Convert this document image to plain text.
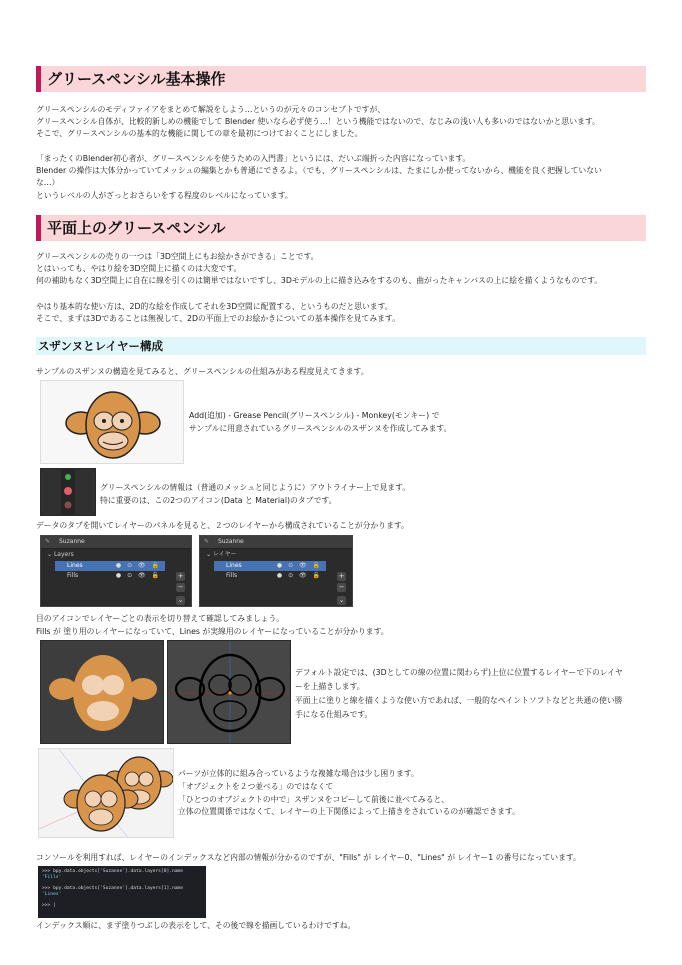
グリースペンシル基本操作
グリースペンシルのモディファイアをまとめて解説をしよう…というのが元々のコンセプトですが、
グリースペンシル自体が、比較的新しめの機能でして Blender 使いなら必ず使う…！という機能ではないので、なじみの浅い人も多いのではないかと思います。
そこで、グリースペンシルの基本的な機能に関しての章を最初につけておくことにしました。
「まったくのBlender初心者が、グリースペンシルを使うための入門書」というには、だいぶ端折った内容になっています。
Blender の操作は大体分かっていてメッシュの編集とかも普通にできるよ。（でも、グリースペンシルは、たまにしか使ってないから、機能を良く把握していない
な…）
というレベルの人がざっとおさらいをする程度のレベルになっています。
平面上のグリースペンシル
グリースペンシルの売りの一つは「3D空間上にもお絵かきができる」ことです。
とはいっても、やはり絵を3D空間上に描くのは大変です。
何の補助もなく3D空間上に自在に線を引くのは簡単ではないですし、3Dモデルの上に描き込みをするのも、曲がったキャンバスの上に絵を描くようなものです。
やはり基本的な使い方は、2D的な絵を作成してそれを3D空間に配置する、というものだと思います。
そこで、まずは3Dであることは無視して、2Dの平面上でのお絵かきについての基本操作を見てみます。
スザンヌとレイヤー構成
サンプルのスザンヌの構造を見てみると、グリースペンシルの仕組みがある程度見えてきます。
Add(追加) - Grease Pencil(グリースペンシル) - Monkey(モンキー) で
サンプルに用意されているグリースペンシルのスザンヌを作成してみます。
グリースペンシルの情報は（普通のメッシュと同じように）アウトライナー上で見ます。
特に重要のは、この2つのアイコン(Data と Material)のタブです。
データのタブを開いてレイヤーのパネルを見ると、２つのレイヤーから構成されていることが分かります。
✎ Suzanne
⌄ Layers
Lines	● ⊙ 👁 🔓
Fills	● ⊙ 👁 🔓 +
−
⌄
✎ Suzanne
⌄ レイヤー
Lines	● ⊙ 👁 🔓
Fills	● ⊙ 👁 🔓 +
−
⌄
目のアイコンでレイヤーごとの表示を切り替えて確認してみましょう。
Fills が 塗り用のレイヤーになっていて、Lines が実線用のレイヤーになっていることが分かります。
デフォルト設定では、(3Dとしての線の位置に関わらず)上位に位置するレイヤーで下のレイヤ
ーを上描きします。
平面上に塗りと線を描くような使い方であれば、一般的なペイントソフトなどと共通の使い勝
手になる仕組みです。
パーツが立体的に組み合っているような複雑な場合は少し困ります。
「オブジェクトを２つ並べる」のではなくて
「ひとつのオブジェクトの中で」スザンヌをコピーして前後に並べてみると、
立体の位置関係ではなくて、レイヤーの上下関係によって上描きをされているのが確認できます。
コンソールを利用すれば、レイヤーのインデックスなど内部の情報が分かるのですが、"Fills" が レイヤー0、"Lines" が レイヤー1 の番号になっています。
>>> bpy.data.objects['Suzanne'].data.layers[0].name
'Fills'
>>> bpy.data.objects['Suzanne'].data.layers[1].name
'Lines'
>>> |
インデックス順に、まず塗りつぶしの表示をして、その後で線を描画しているわけですね。
